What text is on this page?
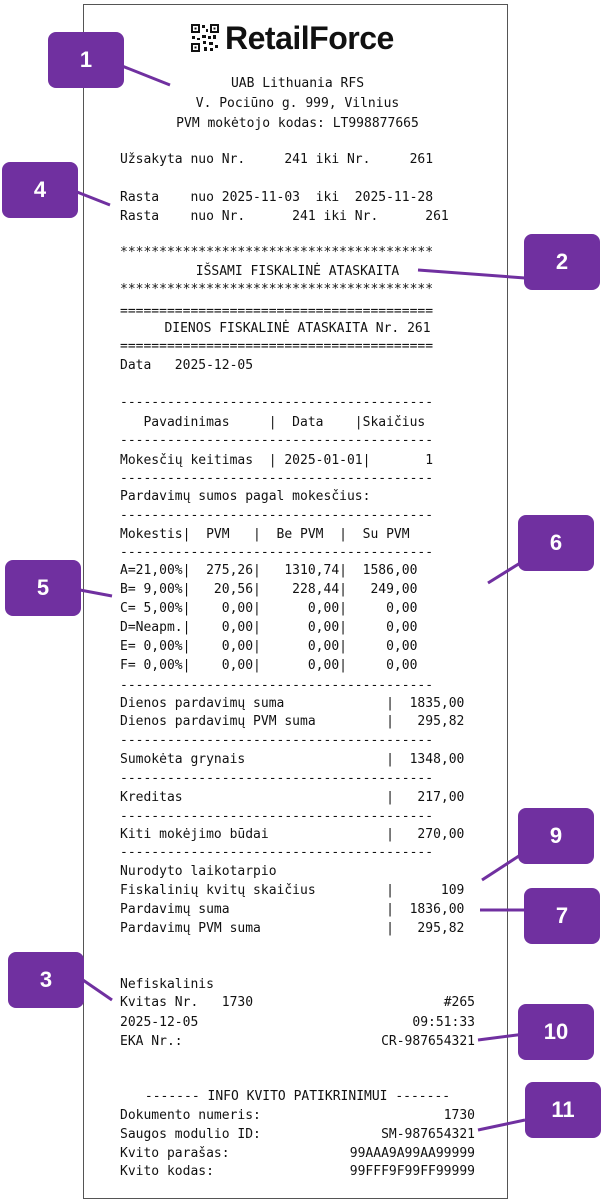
RetailForce
UAB Lithuania RFS
V. Pociūno g. 999, Vilnius
PVM mokėtojo kodas: LT998877665
Užsakyta nuo Nr.     241 iki Nr.     261
Rasta    nuo 2025-11-03  iki  2025-11-28
Rasta    nuo Nr.      241 iki Nr.      261
****************************************
IŠSAMI FISKALINĖ ATASKAITA
****************************************
========================================
DIENOS FISKALINĖ ATASKAITA Nr. 261
========================================
Data   2025-12-05
----------------------------------------
Pavadinimas     |  Data    |Skaičius
----------------------------------------
Mokesčių keitimas  | 2025-01-01|       1
----------------------------------------
Pardavimų sumos pagal mokesčius:
----------------------------------------
Mokestis|  PVM   |  Be PVM  |  Su PVM
----------------------------------------
A=21,00%|  275,26|   1310,74|  1586,00
B= 9,00%|   20,56|    228,44|   249,00
C= 5,00%|    0,00|      0,00|     0,00
D=Neapm.|    0,00|      0,00|     0,00
E= 0,00%|    0,00|      0,00|     0,00
F= 0,00%|    0,00|      0,00|     0,00
----------------------------------------
Dienos pardavimų suma             |  1835,00
Dienos pardavimų PVM suma         |   295,82
----------------------------------------
Sumokėta grynais                  |  1348,00
----------------------------------------
Kreditas                          |   217,00
----------------------------------------
Kiti mokėjimo būdai               |   270,00
----------------------------------------
Nurodyto laikotarpio
Fiskalinių kvitų skaičius         |      109
Pardavimų suma                    |  1836,00
Pardavimų PVM suma                |   295,82
Nefiskalinis
Kvitas Nr.   1730	#265
2025-12-05	09:51:33
EKA Nr.:	CR-987654321
------- INFO KVITO PATIKRINIMUI -------
Dokumento numeris:	1730
Saugos modulio ID:	SM-987654321
Kvito parašas:	99AAA9A99AA99999
Kvito kodas:	99FFF9F99FF99999
1
2
3
4
5
6
7
9
10
11
